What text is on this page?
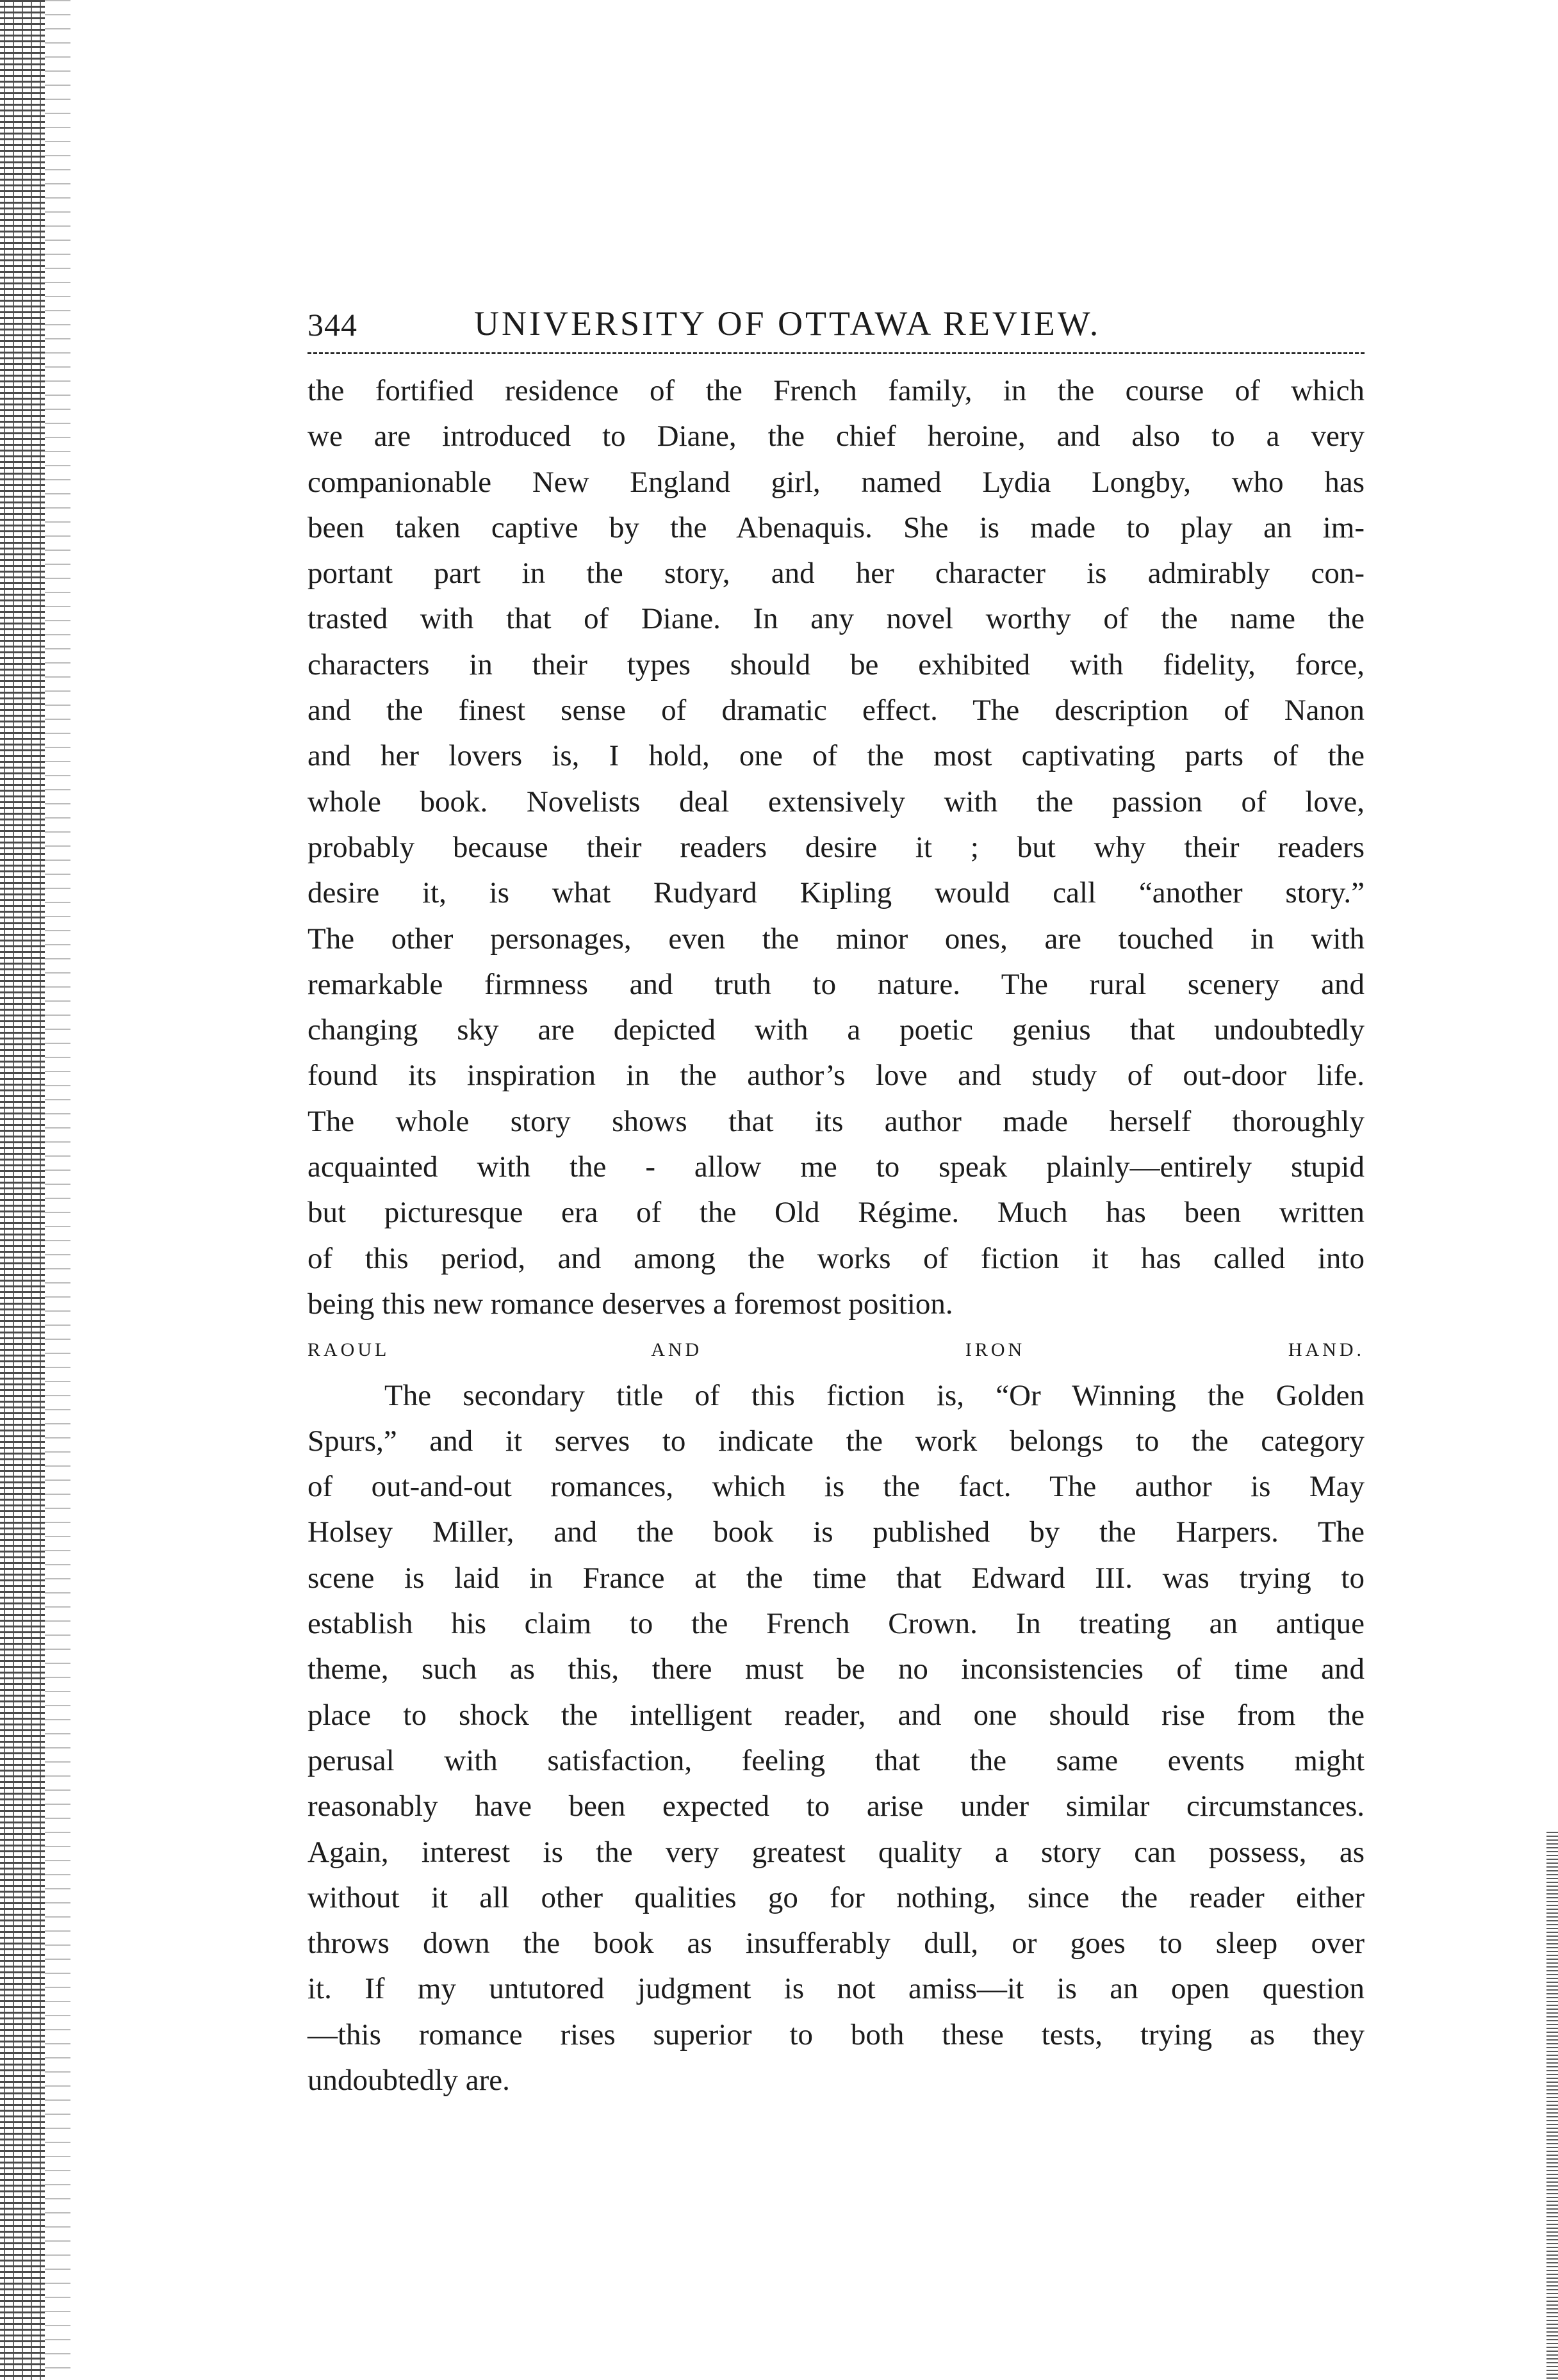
344	UNIVERSITY OF OTTAWA REVIEW.
the fortified residence of the French family, in the course of which
we are introduced to Diane, the chief heroine, and also to a very
companionable New England girl, named Lydia Longby, who has
been taken captive by the Abenaquis. She is made to play an im-
portant part in the story, and her character is admirably con-
trasted with that of Diane. In any novel worthy of the name the
characters in their types should be exhibited with fidelity, force,
and the finest sense of dramatic effect. The description of Nanon
and her lovers is, I hold, one of the most captivating parts of the
whole book. Novelists deal extensively with the passion of love,
probably because their readers desire it ; but why their readers
desire it, is what Rudyard Kipling would call “another story.”
The other personages, even the minor ones, are touched in with
remarkable firmness and truth to nature. The rural scenery and
changing sky are depicted with a poetic genius that undoubtedly
found its inspiration in the author’s love and study of out-door life.
The whole story shows that its author made herself thoroughly
acquainted with the - allow me to speak plainly—entirely stupid
but picturesque era of the Old Régime. Much has been written
of this period, and among the works of fiction it has called into
being this new romance deserves a foremost position.
RAOUL AND IRON HAND.
The secondary title of this fiction is, “Or Winning the Golden
Spurs,” and it serves to indicate the work belongs to the category
of out-and-out romances, which is the fact. The author is May
Holsey Miller, and the book is published by the Harpers. The
scene is laid in France at the time that Edward III. was trying to
establish his claim to the French Crown. In treating an antique
theme, such as this, there must be no inconsistencies of time and
place to shock the intelligent reader, and one should rise from the
perusal with satisfaction, feeling that the same events might
reasonably have been expected to arise under similar circumstances.
Again, interest is the very greatest quality a story can possess, as
without it all other qualities go for nothing, since the reader either
throws down the book as insufferably dull, or goes to sleep over
it. If my untutored judgment is not amiss—it is an open question
—this romance rises superior to both these tests, trying as they
undoubtedly are.
